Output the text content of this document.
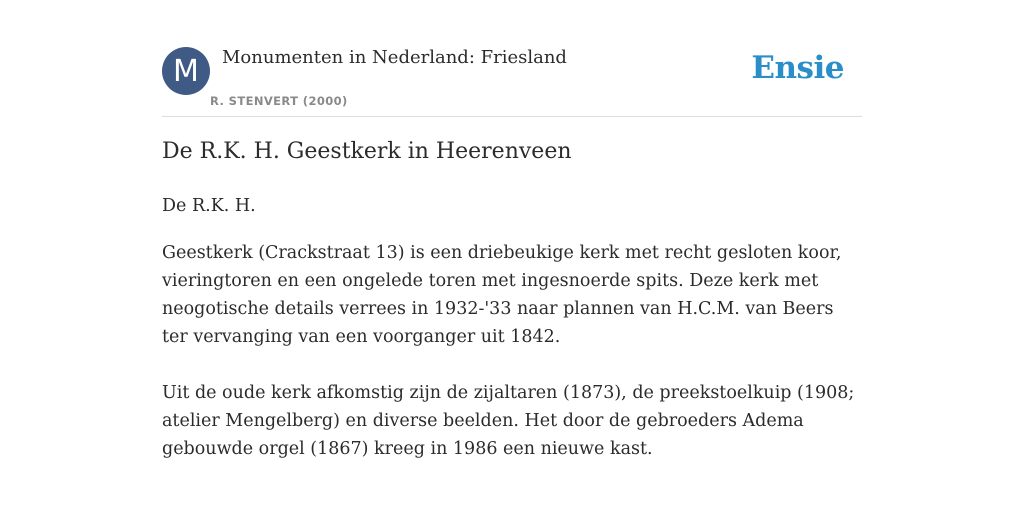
M	Monumenten in Nederland: Friesland
R. STENVERT (2000)
Ensie
De R.K. H. Geestkerk in Heerenveen

De R.K. H.

Geestkerk (Crackstraat 13) is een driebeukige kerk met recht gesloten koor, vieringtoren en een ongelede toren met ingesnoerde spits. Deze kerk met neogotische details verrees in 1932-'33 naar plannen van H.C.M. van Beers ter vervanging van een voorganger uit 1842.

Uit de oude kerk afkomstig zijn de zijaltaren (1873), de preekstoelkuip (1908; atelier Mengelberg) en diverse beelden. Het door de gebroeders Adema gebouwde orgel (1867) kreeg in 1986 een nieuwe kast.
